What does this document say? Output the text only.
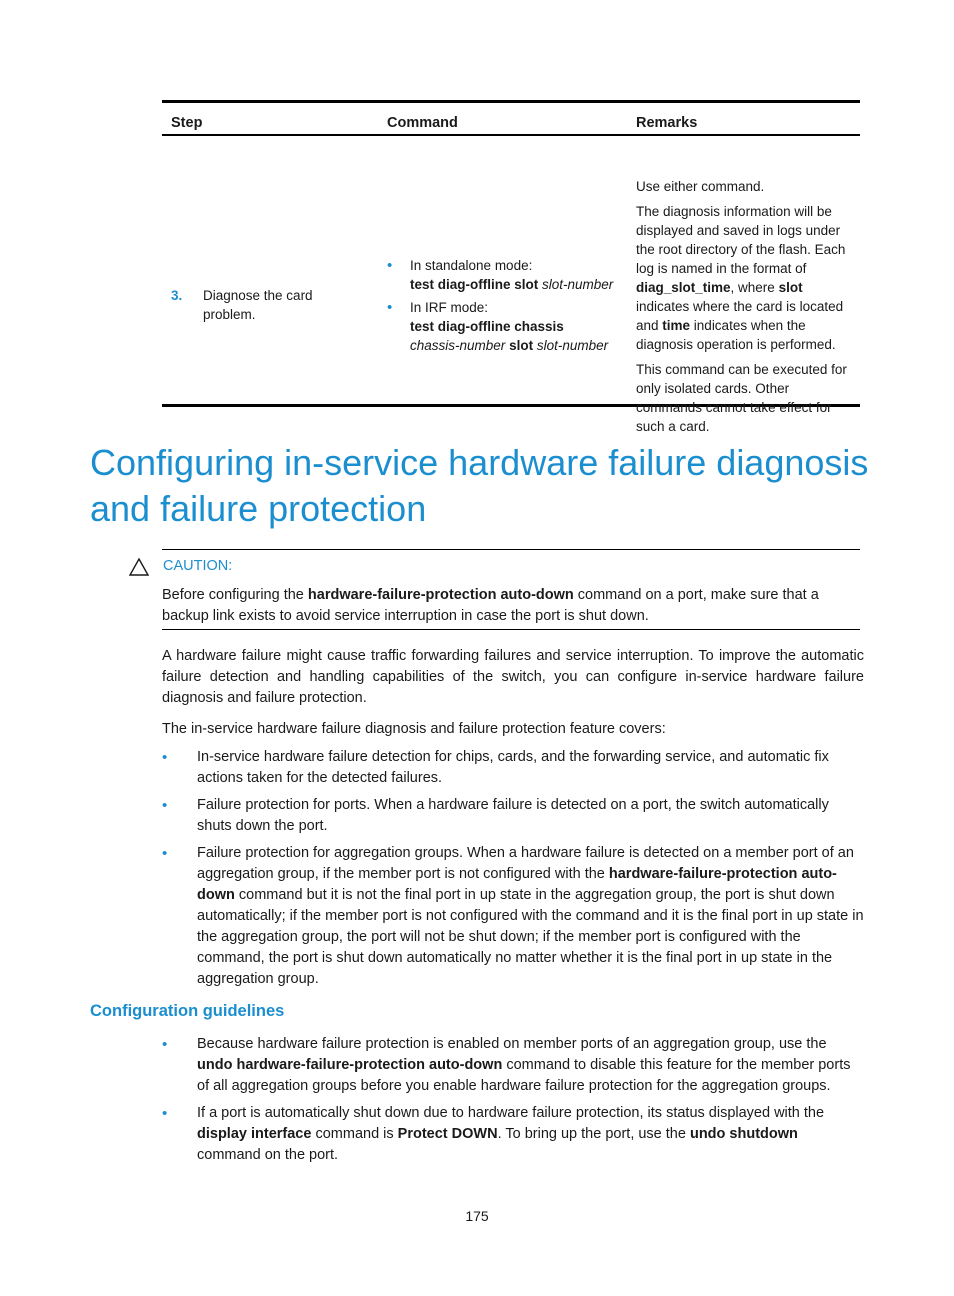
Step	Command	Remarks
3. Diagnose the card problem.
• In standalone mode:
test diag-offline slot slot-number
• In IRF mode:
test diag-offline chassis
chassis-number slot slot-number

Use either command.

The diagnosis information will be displayed and saved in logs under the root directory of the flash. Each log is named in the format of diag_slot_time, where slot indicates where the card is located and time indicates when the diagnosis operation is performed.

This command can be executed for only isolated cards. Other commands cannot take effect for such a card.

Configuring in-service hardware failure diagnosis and failure protection
CAUTION:

Before configuring the hardware-failure-protection auto-down command on a port, make sure that a backup link exists to avoid service interruption in case the port is shut down.

A hardware failure might cause traffic forwarding failures and service interruption. To improve the automatic failure detection and handling capabilities of the switch, you can configure in-service hardware failure diagnosis and failure protection.

The in-service hardware failure diagnosis and failure protection feature covers:

• In-service hardware failure detection for chips, cards, and the forwarding service, and automatic fix actions taken for the detected failures.
• Failure protection for ports. When a hardware failure is detected on a port, the switch automatically shuts down the port.
• Failure protection for aggregation groups. When a hardware failure is detected on a member port of an aggregation group, if the member port is not configured with the hardware-failure-protection auto-down command but it is not the final port in up state in the aggregation group, the port is shut down automatically; if the member port is not configured with the command and it is the final port in up state in the aggregation group, the port will not be shut down; if the member port is configured with the command, the port is shut down automatically no matter whether it is the final port in up state in the aggregation group.
Configuration guidelines
• Because hardware failure protection is enabled on member ports of an aggregation group, use the undo hardware-failure-protection auto-down command to disable this feature for the member ports of all aggregation groups before you enable hardware failure protection for the aggregation groups.
• If a port is automatically shut down due to hardware failure protection, its status displayed with the display interface command is Protect DOWN. To bring up the port, use the undo shutdown command on the port.
175
